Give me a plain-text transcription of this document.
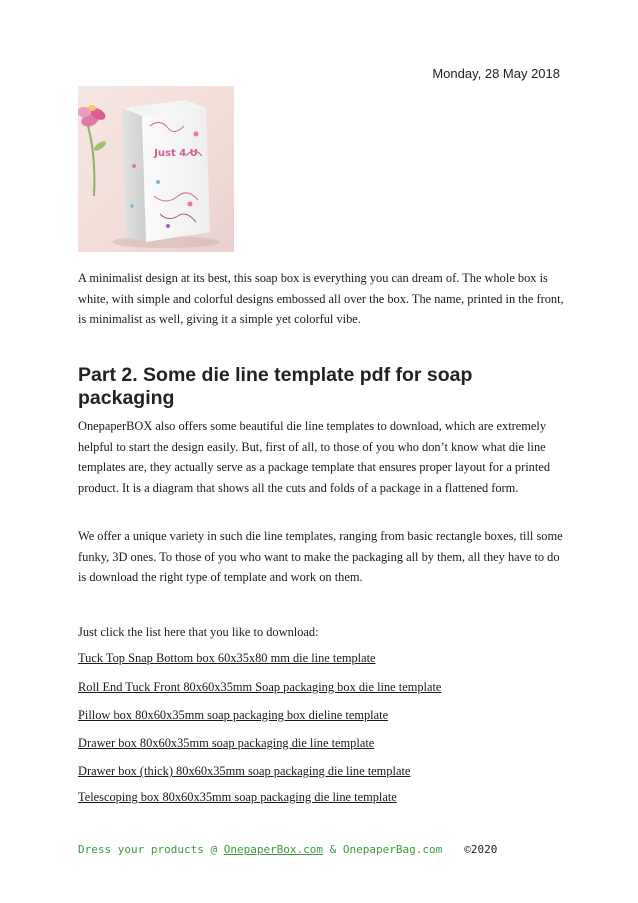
Monday, 28 May 2018
Just 4 U

A minimalist design at its best, this soap box is everything you can dream of. The whole box is white, with simple and colorful designs embossed all over the box. The name, printed in the front, is minimalist as well, giving it a simple yet colorful vibe.

Part 2. Some die line template pdf for soap packaging

OnepaperBOX also offers some beautiful die line templates to download, which are extremely helpful to start the design easily. But, first of all, to those of you who don’t know what die line templates are, they actually serve as a package template that ensures proper layout for a printed product. It is a diagram that shows all the cuts and folds of a package in a flattened form.

We offer a unique variety in such die line templates, ranging from basic rectangle boxes, till some funky, 3D ones. To those of you who want to make the packaging all by them, all they have to do is download the right type of template and work on them.

Just click the list here that you like to download:

Tuck Top Snap Bottom box 60x35x80 mm die line template
Roll End Tuck Front 80x60x35mm Soap packaging box die line template
Pillow box 80x60x35mm soap packaging box dieline template
Drawer box 80x60x35mm soap packaging die line template
Drawer box (thick) 80x60x35mm soap packaging die line template
Telescoping box 80x60x35mm soap packaging die line template
Dress your products @ OnepaperBox.com & OnepaperBag.com ©2020
